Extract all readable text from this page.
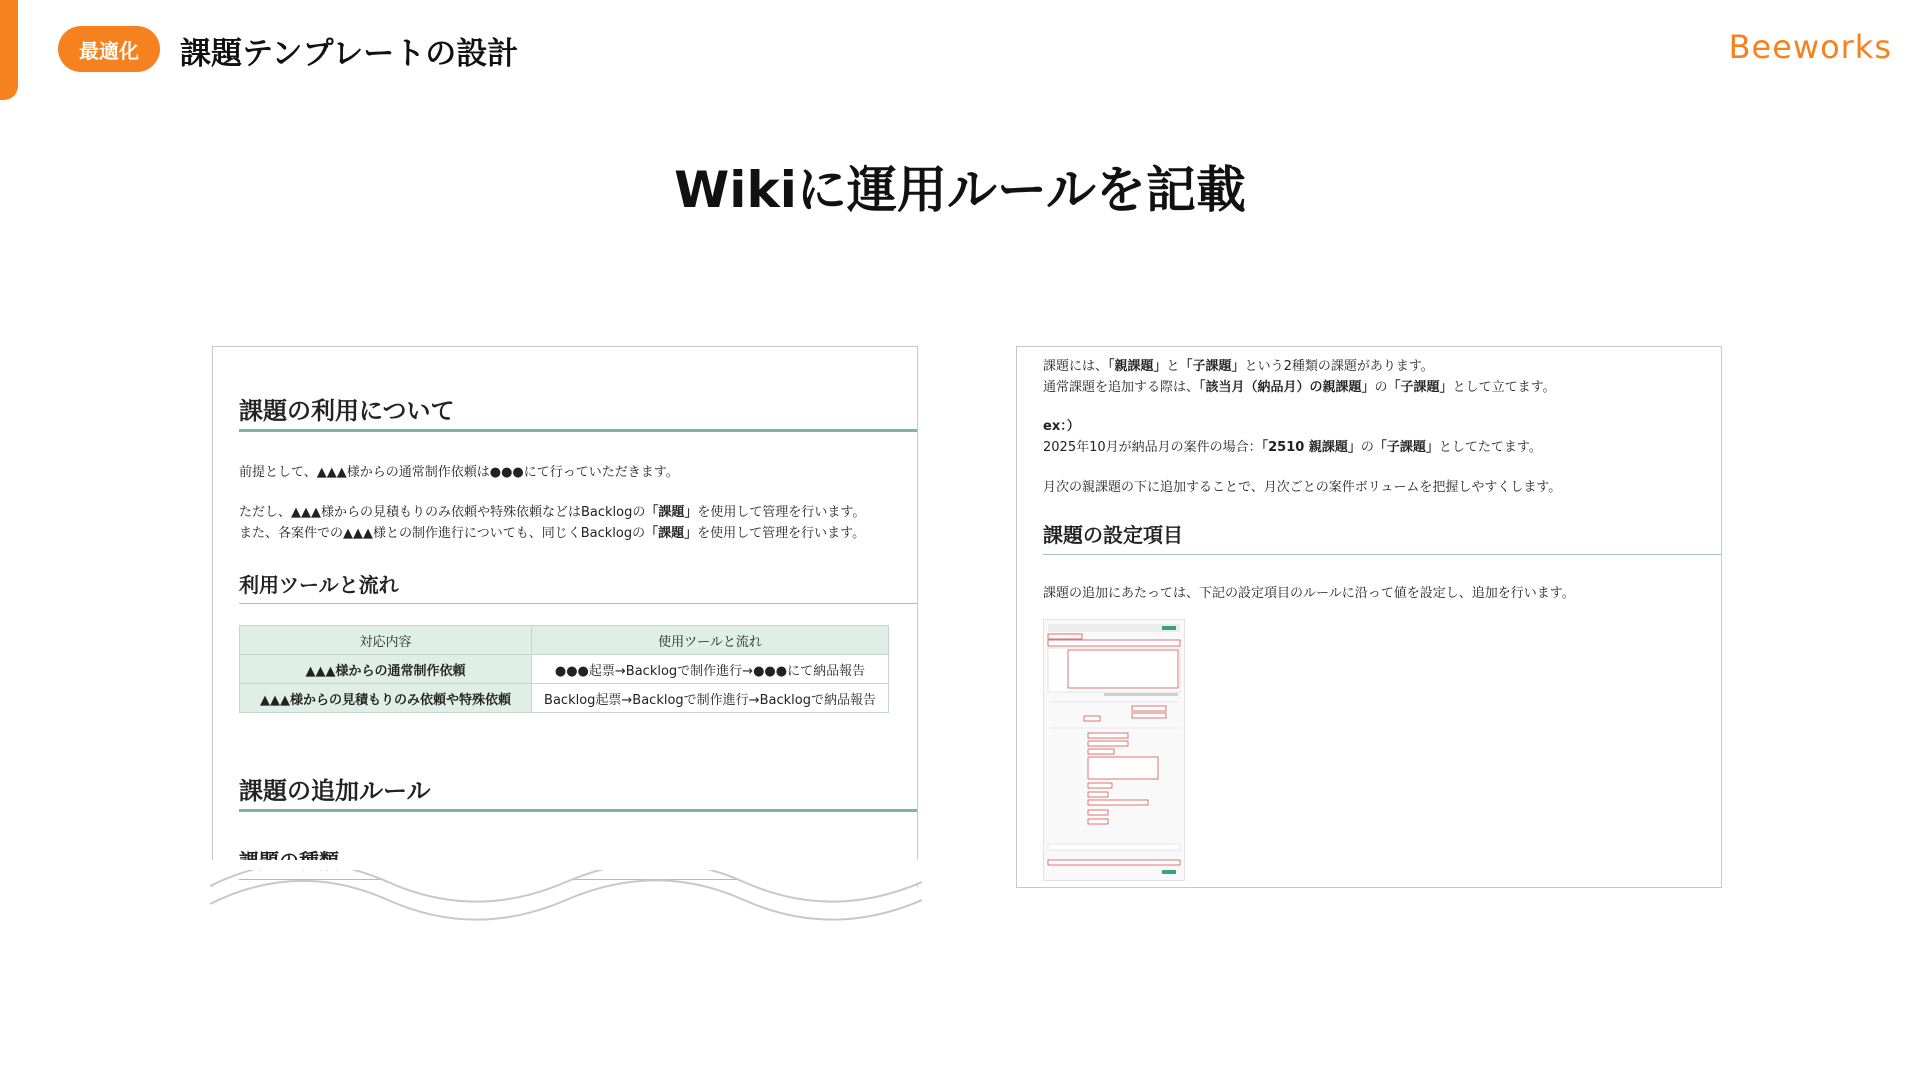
最適化	課題テンプレートの設計	Beeworks
Wikiに運用ルールを記載
課題の利用について
前提として、▲▲▲様からの通常制作依頼は●●●にて行っていただきます。
ただし、▲▲▲様からの見積もりのみ依頼や特殊依頼などはBacklogの「課題」を使用して管理を行います。
また、各案件での▲▲▲様との制作進行についても、同じくBacklogの「課題」を使用して管理を行います。
利用ツールと流れ
対応内容	使用ツールと流れ
▲▲▲様からの通常制作依頼	●●●起票→Backlogで制作進行→●●●にて納品報告
▲▲▲様からの見積もりのみ依頼や特殊依頼	Backlog起票→Backlogで制作進行→Backlogで納品報告
課題の追加ルール
課題には、「親課題」と「子課題」という2種類の課題があります。
通常課題を追加する際は、「該当月（納品月）の親課題」の「子課題」として立てます。
ex：）
2025年10月が納品月の案件の場合：「2510 親課題」の「子課題」としてたてます。
月次の親課題の下に追加することで、月次ごとの案件ボリュームを把握しやすくします。
課題の設定項目
課題の追加にあたっては、下記の設定項目のルールに沿って値を設定し、追加を行います。
